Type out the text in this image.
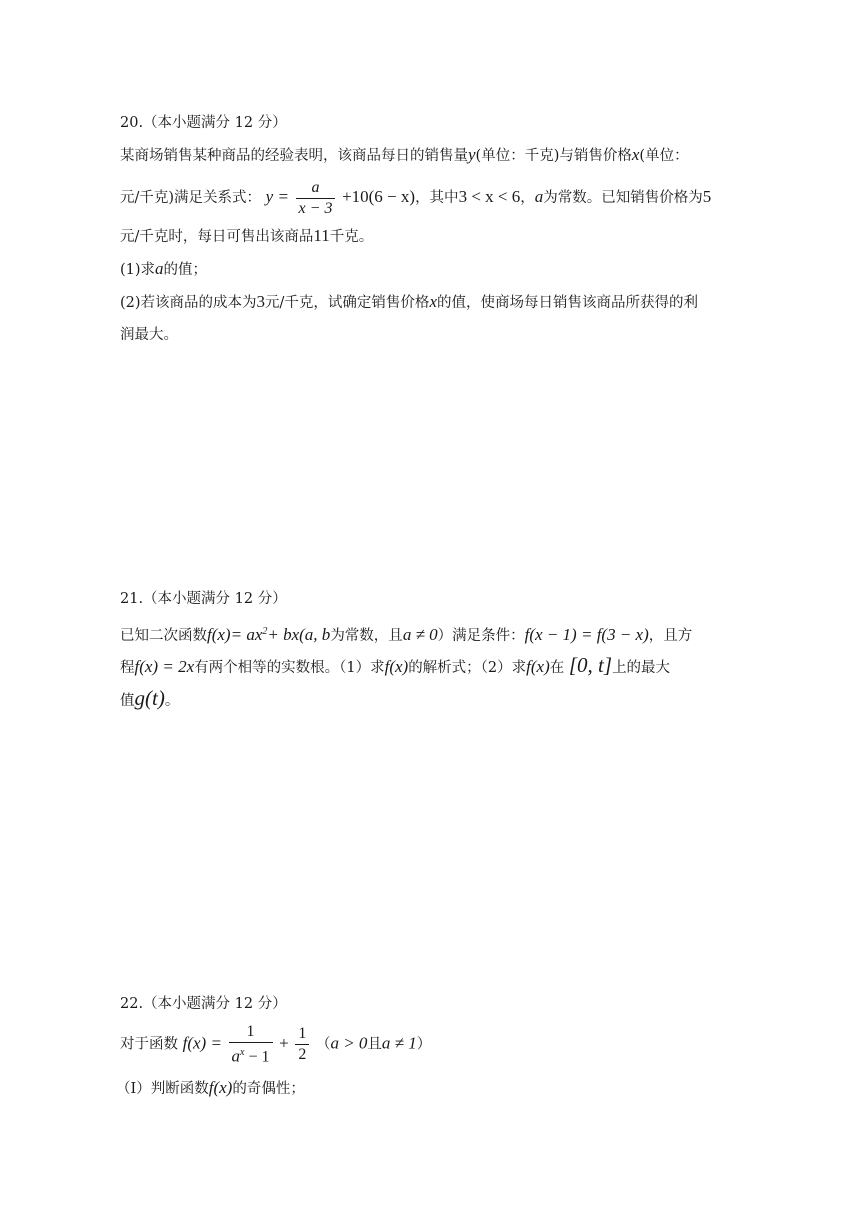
20.（本小题满分 12 分）
某商场销售某种商品的经验表明，该商品每日的销售量y(单位：千克)与销售价格x(单位：
元/千克)满足关系式： $y = \frac{a}{x - 3} +10(6 - x)$，其中3 < x < 6，a为常数。已知销售价格为5
元/千克时，每日可售出该商品11千克。
(1)求a的值；
(2)若该商品的成本为3元/千克，试确定销售价格x的值，使商场每日销售该商品所获得的利
润最大。
21.（本小题满分 12 分）
已知二次函数$f(x)= ax^2+ bx(a$, b为常数，且a ≠ 0）满足条件：f(x − 1) = f(3 − x)，且方
程f(x) = 2x有两个相等的实数根。（1）求f(x)的解析式；（2）求f(x)在 [0, t]上的最大
值g(t)。
22.（本小题满分 12 分）
对于函数 $f(x) = \frac{1}{a^x - 1} + \frac{1}{2} (a > 0$且a ≠ 1）
（Ⅰ）判断函数f(x)的奇偶性；
